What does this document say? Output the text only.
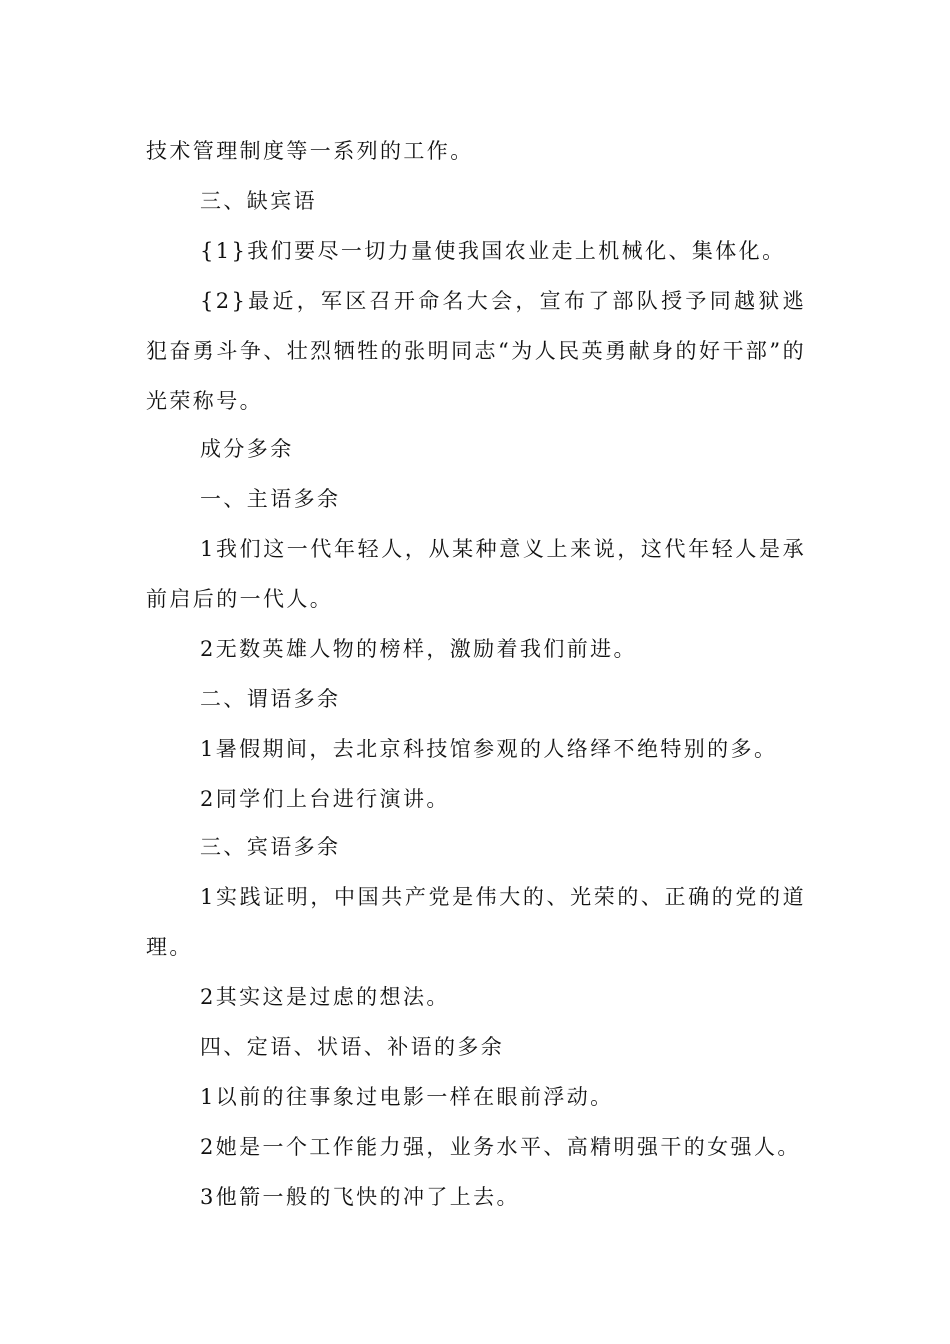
技术管理制度等一系列的工作。

三、缺宾语

{1}我们要尽一切力量使我国农业走上机械化、集体化。

{2}最近，军区召开命名大会，宣布了部队授予同越狱逃犯奋勇斗争、壮烈牺牲的张明同志“为人民英勇献身的好干部”的光荣称号。

成分多余

一、主语多余

1我们这一代年轻人，从某种意义上来说，这代年轻人是承前启后的一代人。

2无数英雄人物的榜样，激励着我们前进。

二、谓语多余

1暑假期间，去北京科技馆参观的人络绎不绝特别的多。

2同学们上台进行演讲。

三、宾语多余

1实践证明，中国共产党是伟大的、光荣的、正确的党的道理。

2其实这是过虑的想法。

四、定语、状语、补语的多余

1以前的往事象过电影一样在眼前浮动。

2她是一个工作能力强，业务水平、高精明强干的女强人。

3他箭一般的飞快的冲了上去。
